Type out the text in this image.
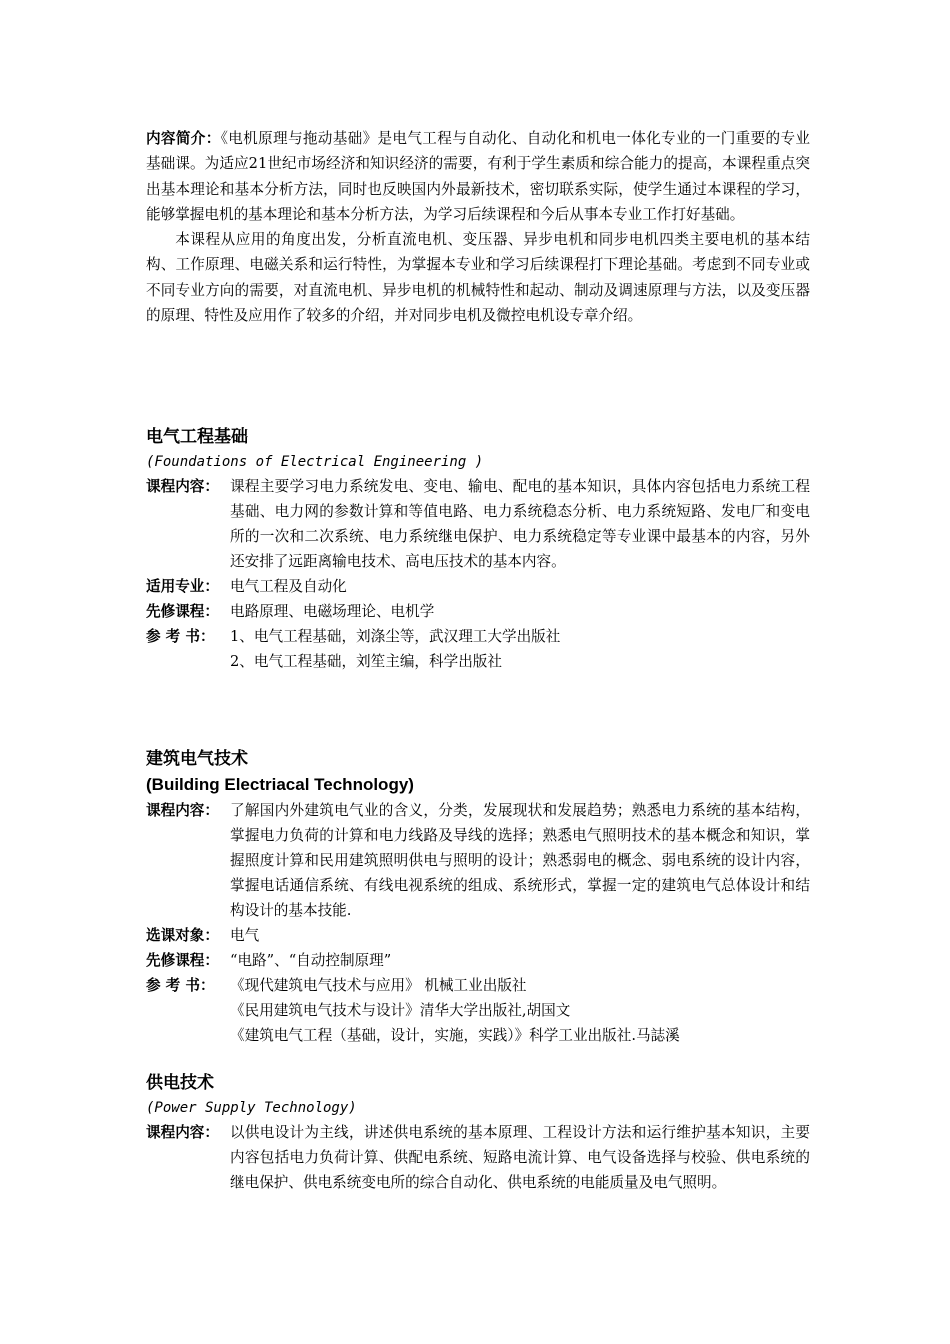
内容简介：《电机原理与拖动基础》是电气工程与自动化、自动化和机电一体化专业的一门重要的专业基础课。为适应21世纪市场经济和知识经济的需要，有利于学生素质和综合能力的提高，本课程重点突出基本理论和基本分析方法，同时也反映国内外最新技术，密切联系实际，使学生通过本课程的学习，能够掌握电机的基本理论和基本分析方法，为学习后续课程和今后从事本专业工作打好基础。

本课程从应用的角度出发，分析直流电机、变压器、异步电机和同步电机四类主要电机的基本结构、工作原理、电磁关系和运行特性，为掌握本专业和学习后续课程打下理论基础。考虑到不同专业或不同专业方向的需要，对直流电机、异步电机的机械特性和起动、制动及调速原理与方法，以及变压器的原理、特性及应用作了较多的介绍，并对同步电机及微控电机设专章介绍。

电气工程基础
(Foundations of Electrical Engineering )
课程内容： 课程主要学习电力系统发电、变电、输电、配电的基本知识，具体内容包括电力系统工程基础、电力网的参数计算和等值电路、电力系统稳态分析、电力系统短路、发电厂和变电所的一次和二次系统、电力系统继电保护、电力系统稳定等专业课中最基本的内容，另外还安排了远距离输电技术、高电压技术的基本内容。
适用专业： 电气工程及自动化
先修课程： 电路原理、电磁场理论、电机学
参 考 书：	1、电气工程基础，刘涤尘等，武汉理工大学出版社
2、电气工程基础，刘笙主编，科学出版社
建筑电气技术
(Building Electriacal Technology)
课程内容： 了解国内外建筑电气业的含义，分类，发展现状和发展趋势；熟悉电力系统的基本结构，掌握电力负荷的计算和电力线路及导线的选择；熟悉电气照明技术的基本概念和知识，掌握照度计算和民用建筑照明供电与照明的设计；熟悉弱电的概念、弱电系统的设计内容，掌握电话通信系统、有线电视系统的组成、系统形式，掌握一定的建筑电气总体设计和结构设计的基本技能.
选课对象： 电气
先修课程： “电路”、“自动控制原理”
参 考 书：	《现代建筑电气技术与应用》 机械工业出版社
《民用建筑电气技术与设计》清华大学出版社,胡国文
《建筑电气工程（基础，设计，实施，实践）》科学工业出版社.马誌溪
供电技术
(Power Supply Technology)
课程内容： 以供电设计为主线，讲述供电系统的基本原理、工程设计方法和运行维护基本知识，主要内容包括电力负荷计算、供配电系统、短路电流计算、电气设备选择与校验、供电系统的继电保护、供电系统变电所的综合自动化、供电系统的电能质量及电气照明。
